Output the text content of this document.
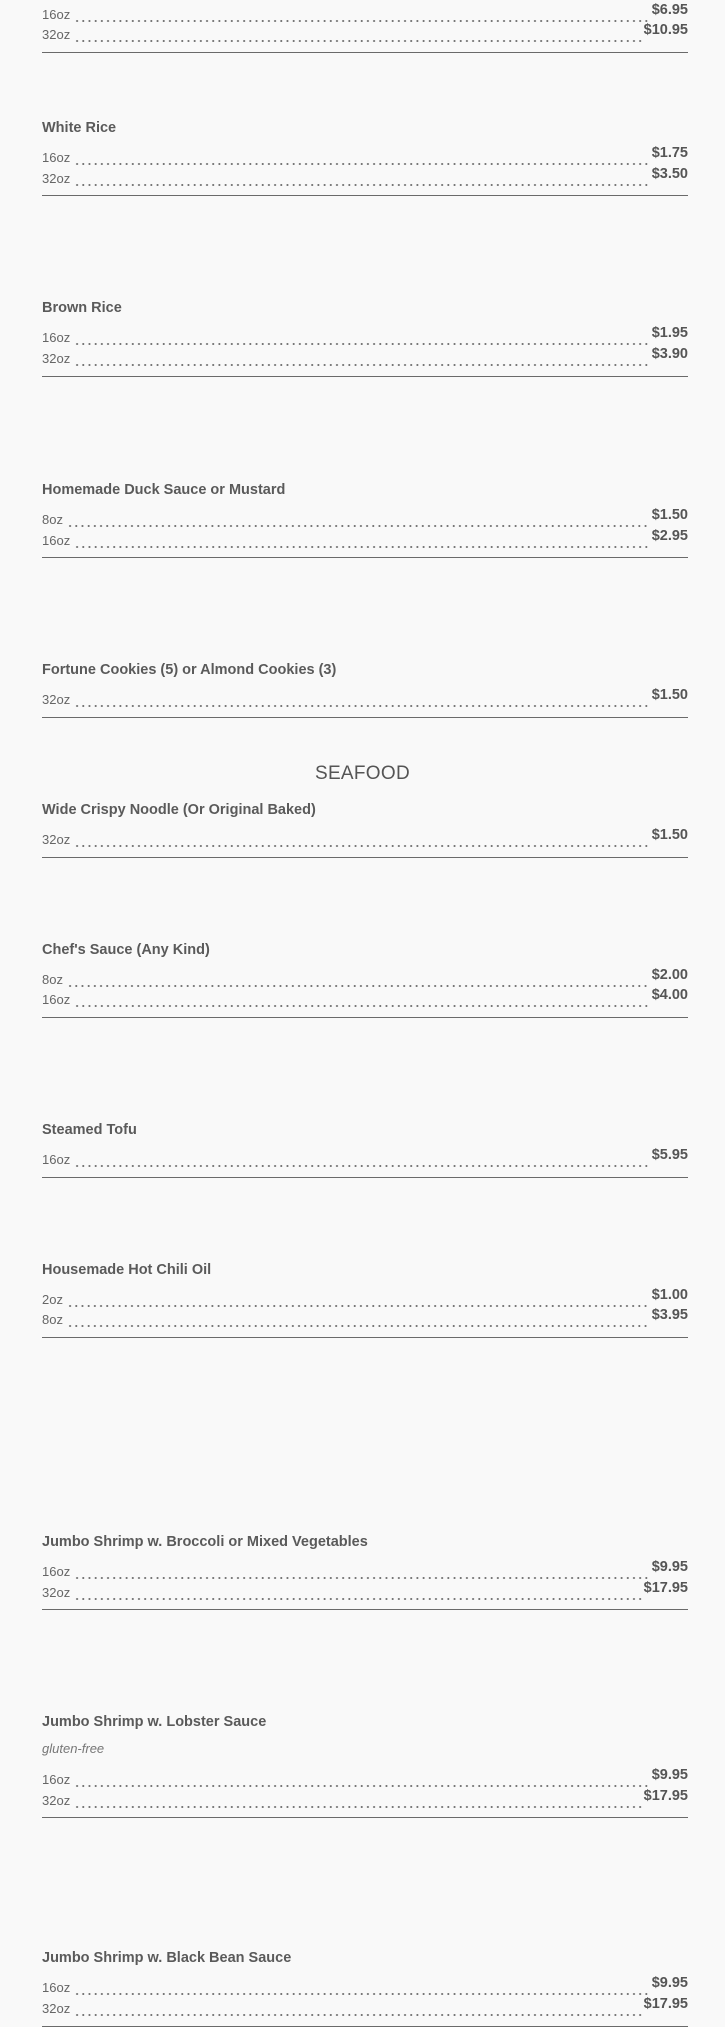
16oz	$6.95
32oz	$10.95
White Rice
16oz	$1.75
32oz	$3.50
Brown Rice
16oz	$1.95
32oz	$3.90
Homemade Duck Sauce or Mustard
8oz	$1.50
16oz	$2.95
Fortune Cookies (5) or Almond Cookies (3)
32oz	$1.50
Wide Crispy Noodle (Or Original Baked)
32oz	$1.50
Chef's Sauce (Any Kind)
8oz	$2.00
16oz	$4.00
Steamed Tofu
16oz	$5.95
Housemade Hot Chili Oil
2oz	$1.00
8oz	$3.95
SEAFOOD
Jumbo Shrimp w. Broccoli or Mixed Vegetables
16oz	$9.95
32oz	$17.95
Jumbo Shrimp w. Lobster Sauce
gluten-free
16oz	$9.95
32oz	$17.95
Jumbo Shrimp w. Black Bean Sauce
16oz	$9.95
32oz	$17.95
